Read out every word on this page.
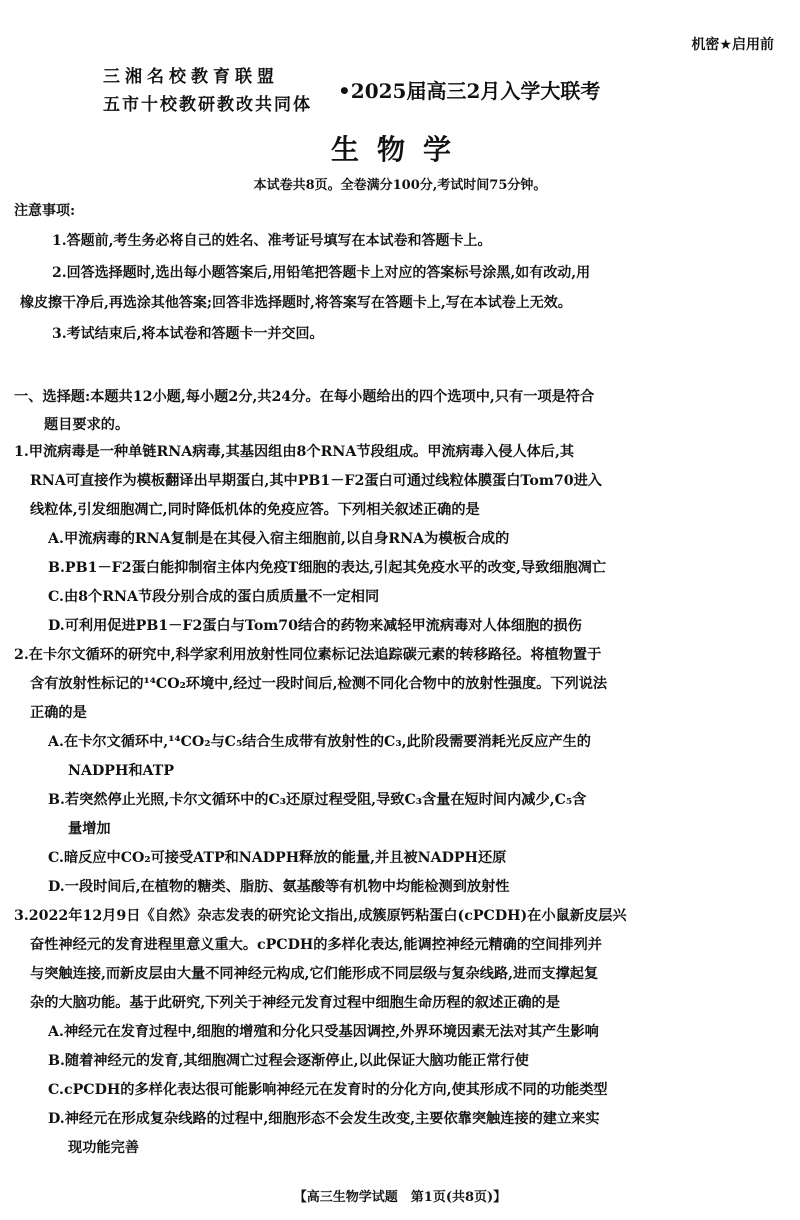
机密★启用前
三湘名校教育联盟
五市十校教研教改共同体
•2025届高三2月入学大联考
生物学
本试卷共8页。全卷满分100分,考试时间75分钟。
注意事项:
1.答题前,考生务必将自己的姓名、准考证号填写在本试卷和答题卡上。
2.回答选择题时,选出每小题答案后,用铅笔把答题卡上对应的答案标号涂黑,如有改动,用
橡皮擦干净后,再选涂其他答案;回答非选择题时,将答案写在答题卡上,写在本试卷上无效。
3.考试结束后,将本试卷和答题卡一并交回。
一、选择题:本题共12小题,每小题2分,共24分。在每小题给出的四个选项中,只有一项是符合
题目要求的。
1.甲流病毒是一种单链RNA病毒,其基因组由8个RNA节段组成。甲流病毒入侵人体后,其
RNA可直接作为模板翻译出早期蛋白,其中PB1－F2蛋白可通过线粒体膜蛋白Tom70进入
线粒体,引发细胞凋亡,同时降低机体的免疫应答。下列相关叙述正确的是
A.甲流病毒的RNA复制是在其侵入宿主细胞前,以自身RNA为模板合成的
B.PB1－F2蛋白能抑制宿主体内免疫T细胞的表达,引起其免疫水平的改变,导致细胞凋亡
C.由8个RNA节段分别合成的蛋白质质量不一定相同
D.可利用促进PB1－F2蛋白与Tom70结合的药物来减轻甲流病毒对人体细胞的损伤
2.在卡尔文循环的研究中,科学家利用放射性同位素标记法追踪碳元素的转移路径。将植物置于
含有放射性标记的¹⁴CO₂环境中,经过一段时间后,检测不同化合物中的放射性强度。下列说法
正确的是
A.在卡尔文循环中,¹⁴CO₂与C₅结合生成带有放射性的C₃,此阶段需要消耗光反应产生的
NADPH和ATP
B.若突然停止光照,卡尔文循环中的C₃还原过程受阻,导致C₃含量在短时间内减少,C₅含
量增加
C.暗反应中CO₂可接受ATP和NADPH释放的能量,并且被NADPH还原
D.一段时间后,在植物的糖类、脂肪、氨基酸等有机物中均能检测到放射性
3.2022年12月9日《自然》杂志发表的研究论文指出,成簇原钙粘蛋白(cPCDH)在小鼠新皮层兴
奋性神经元的发育进程里意义重大。cPCDH的多样化表达,能调控神经元精确的空间排列并
与突触连接,而新皮层由大量不同神经元构成,它们能形成不同层级与复杂线路,进而支撑起复
杂的大脑功能。基于此研究,下列关于神经元发育过程中细胞生命历程的叙述正确的是
A.神经元在发育过程中,细胞的增殖和分化只受基因调控,外界环境因素无法对其产生影响
B.随着神经元的发育,其细胞凋亡过程会逐渐停止,以此保证大脑功能正常行使
C.cPCDH的多样化表达很可能影响神经元在发育时的分化方向,使其形成不同的功能类型
D.神经元在形成复杂线路的过程中,细胞形态不会发生改变,主要依靠突触连接的建立来实
现功能完善
【高三生物学试题　第1页(共8页)】
